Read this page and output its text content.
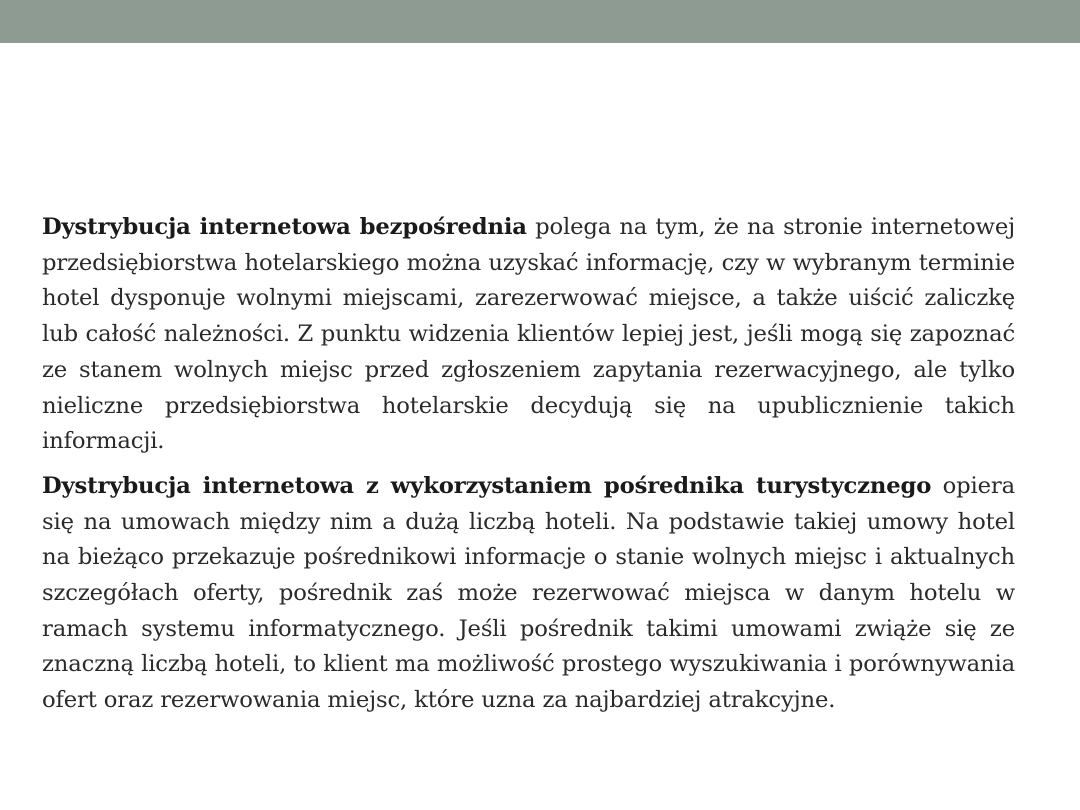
Dystrybucja internetowa bezpośrednia polega na tym, że na stronie internetowej przedsiębiorstwa hotelarskiego można uzyskać informację, czy w wybranym terminie hotel dysponuje wolnymi miejscami, zarezerwować miejsce, a także uiścić zaliczkę lub całość należności. Z punktu widzenia klientów lepiej jest, jeśli mogą się zapoznać ze stanem wolnych miejsc przed zgłoszeniem zapytania rezerwacyjnego, ale tylko nieliczne przedsiębiorstwa hotelarskie decydują się na upublicznienie takich informacji.

Dystrybucja internetowa z wykorzystaniem pośrednika turystycznego opiera się na umowach między nim a dużą liczbą hoteli. Na podstawie takiej umowy hotel na bieżąco przekazuje pośrednikowi informacje o stanie wolnych miejsc i aktualnych szczegółach oferty, pośrednik zaś może rezerwować miejsca w danym hotelu w ramach systemu informatycznego. Jeśli pośrednik takimi umowami zwiąże się ze znaczną liczbą hoteli, to klient ma możliwość prostego wyszukiwania i porównywania ofert oraz rezerwowania miejsc, które uzna za najbardziej atrakcyjne.
